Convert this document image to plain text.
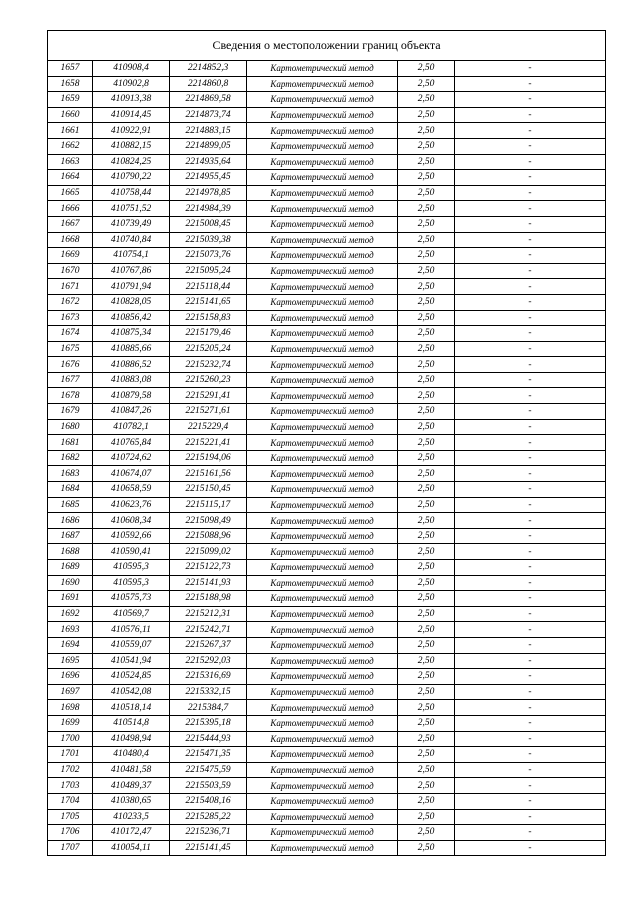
Сведения о местоположении границ объекта
1657	410908,4	2214852,3	Картометрический метод	2,50	-
1658	410902,8	2214860,8	Картометрический метод	2,50	-
1659	410913,38	2214869,58	Картометрический метод	2,50	-
1660	410914,45	2214873,74	Картометрический метод	2,50	-
1661	410922,91	2214883,15	Картометрический метод	2,50	-
1662	410882,15	2214899,05	Картометрический метод	2,50	-
1663	410824,25	2214935,64	Картометрический метод	2,50	-
1664	410790,22	2214955,45	Картометрический метод	2,50	-
1665	410758,44	2214978,85	Картометрический метод	2,50	-
1666	410751,52	2214984,39	Картометрический метод	2,50	-
1667	410739,49	2215008,45	Картометрический метод	2,50	-
1668	410740,84	2215039,38	Картометрический метод	2,50	-
1669	410754,1	2215073,76	Картометрический метод	2,50	-
1670	410767,86	2215095,24	Картометрический метод	2,50	-
1671	410791,94	2215118,44	Картометрический метод	2,50	-
1672	410828,05	2215141,65	Картометрический метод	2,50	-
1673	410856,42	2215158,83	Картометрический метод	2,50	-
1674	410875,34	2215179,46	Картометрический метод	2,50	-
1675	410885,66	2215205,24	Картометрический метод	2,50	-
1676	410886,52	2215232,74	Картометрический метод	2,50	-
1677	410883,08	2215260,23	Картометрический метод	2,50	-
1678	410879,58	2215291,41	Картометрический метод	2,50	-
1679	410847,26	2215271,61	Картометрический метод	2,50	-
1680	410782,1	2215229,4	Картометрический метод	2,50	-
1681	410765,84	2215221,41	Картометрический метод	2,50	-
1682	410724,62	2215194,06	Картометрический метод	2,50	-
1683	410674,07	2215161,56	Картометрический метод	2,50	-
1684	410658,59	2215150,45	Картометрический метод	2,50	-
1685	410623,76	2215115,17	Картометрический метод	2,50	-
1686	410608,34	2215098,49	Картометрический метод	2,50	-
1687	410592,66	2215088,96	Картометрический метод	2,50	-
1688	410590,41	2215099,02	Картометрический метод	2,50	-
1689	410595,3	2215122,73	Картометрический метод	2,50	-
1690	410595,3	2215141,93	Картометрический метод	2,50	-
1691	410575,73	2215188,98	Картометрический метод	2,50	-
1692	410569,7	2215212,31	Картометрический метод	2,50	-
1693	410576,11	2215242,71	Картометрический метод	2,50	-
1694	410559,07	2215267,37	Картометрический метод	2,50	-
1695	410541,94	2215292,03	Картометрический метод	2,50	-
1696	410524,85	2215316,69	Картометрический метод	2,50	-
1697	410542,08	2215332,15	Картометрический метод	2,50	-
1698	410518,14	2215384,7	Картометрический метод	2,50	-
1699	410514,8	2215395,18	Картометрический метод	2,50	-
1700	410498,94	2215444,93	Картометрический метод	2,50	-
1701	410480,4	2215471,35	Картометрический метод	2,50	-
1702	410481,58	2215475,59	Картометрический метод	2,50	-
1703	410489,37	2215503,59	Картометрический метод	2,50	-
1704	410380,65	2215408,16	Картометрический метод	2,50	-
1705	410233,5	2215285,22	Картометрический метод	2,50	-
1706	410172,47	2215236,71	Картометрический метод	2,50	-
1707	410054,11	2215141,45	Картометрический метод	2,50	-
